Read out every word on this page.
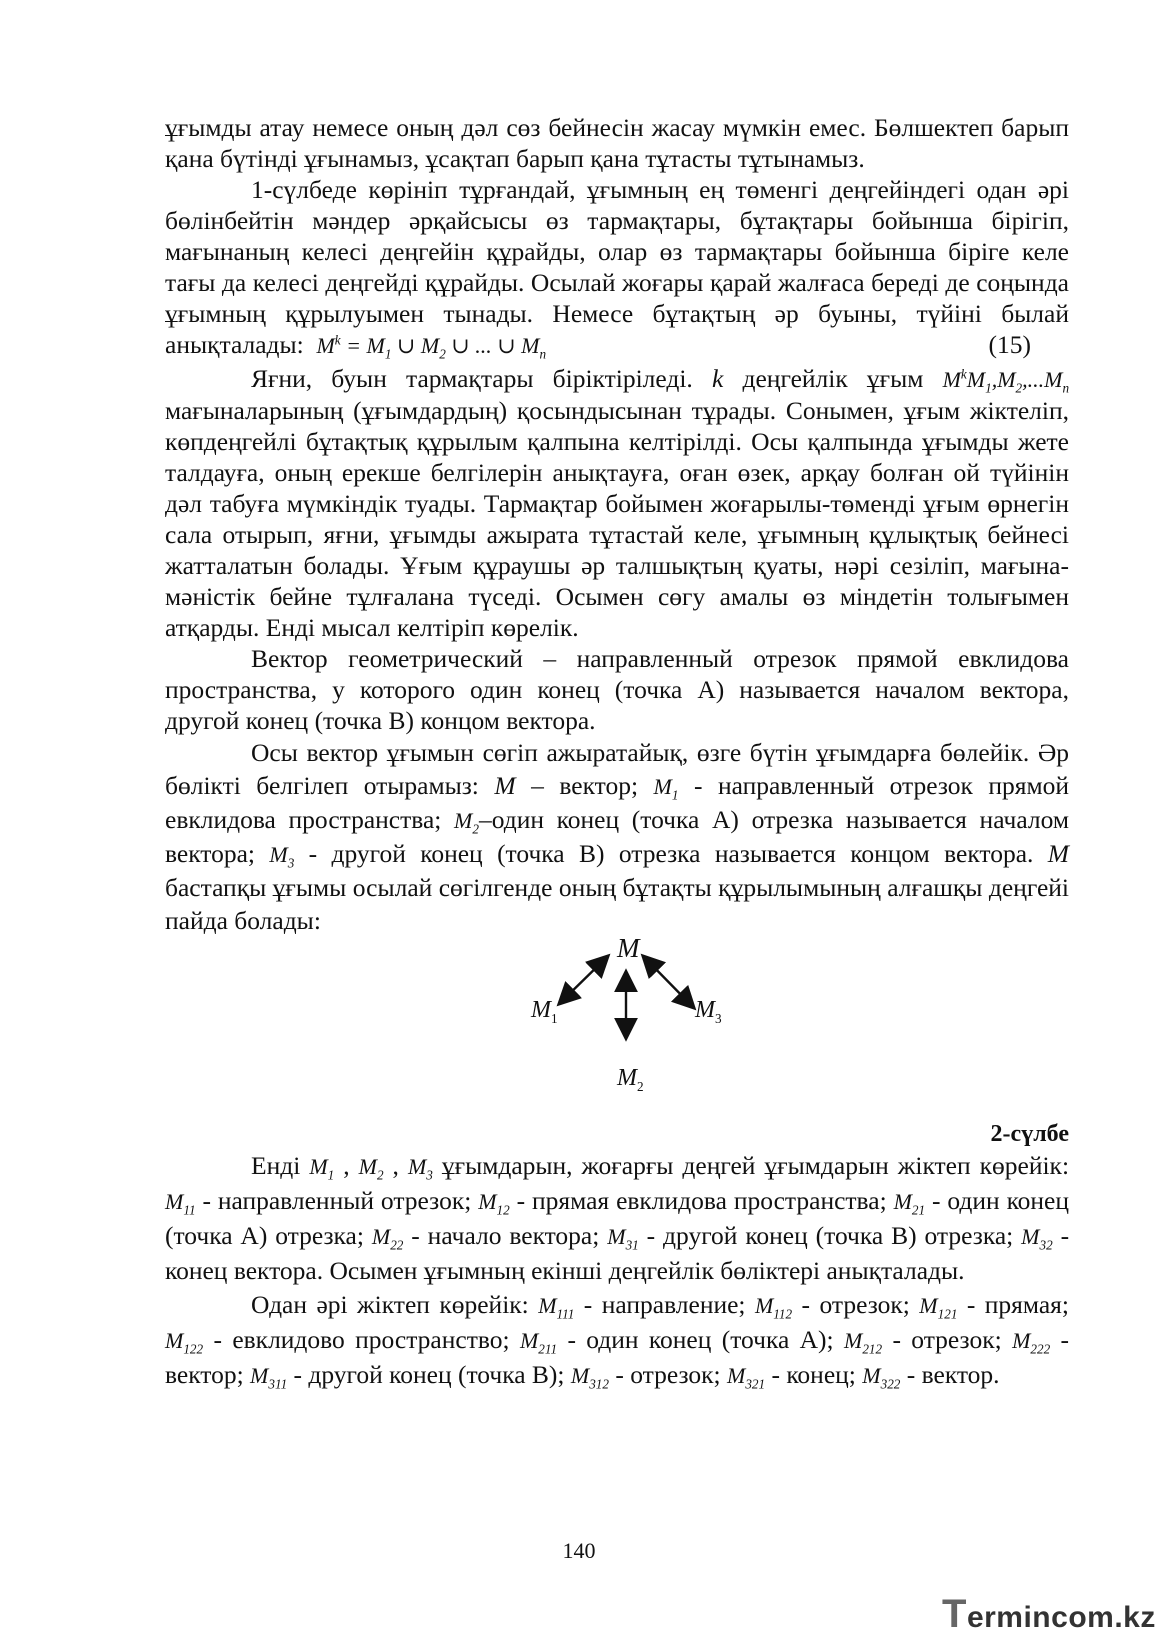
ұғымды атау немесе оның дәл сөз бейнесін жасау мүмкін емес. Бөлшектеп барып қана бүтінді ұғынамыз, ұсақтап барып қана тұтасты тұтынамыз.

1-сүлбеде көрініп тұрғандай, ұғымның ең төменгі деңгейіндегі одан әрі бөлінбейтін мәндер әрқайсысы өз тармақтары, бұтақтары бойынша бірігіп, мағынаның келесі деңгейін құрайды, олар өз тармақтары бойынша біріге келе тағы да келесі деңгейді құрайды. Осылай жоғары қарай жалғаса береді де соңында ұғымның құрылуымен тынады. Немесе бұтақтың әр буыны, түйіні былай анықталады: $M^k = M_1$ ∪ $M_2$ ∪ ... ∪ $M_n$	(15)

Яғни, буын тармақтары біріктіріледі. k деңгейлік ұғым $M^kM_1,M_2,...M_n$ мағыналарының (ұғымдардың) қосындысынан тұрады. Сонымен, ұғым жіктеліп, көпдеңгейлі бұтақтық құрылым қалпына келтірілді. Осы қалпында ұғымды жете талдауға, оның ерекше белгілерін анықтауға, оған өзек, арқау болған ой түйінін дәл табуға мүмкіндік туады. Тармақтар бойымен жоғарылы-төменді ұғым өрнегін сала отырып, яғни, ұғымды ажырата тұтастай келе, ұғымның құлықтық бейнесі жатталатын болады. Ұғым құраушы әр талшықтың қуаты, нәрі сезіліп, мағына-мәністік бейне тұлғалана түседі. Осымен сөгу амалы өз міндетін толығымен атқарды. Енді мысал келтіріп көрелік.

Вектор геометрический – направленный отрезок прямой евклидова пространства, у которого один конец (точка А) называется началом вектора, другой конец (точка В) концом вектора.

Осы вектор ұғымын сөгіп ажыратайық, өзге бүтін ұғымдарға бөлейік. Әр бөлікті белгілеп отырамыз: M – вектор; $M_1$ - направленный отрезок прямой евклидова пространства; $M_2$–один конец (точка А) отрезка называется началом вектора; $M_3$ - другой конец (точка В) отрезка называется концом вектора. M бастапқы ұғымы осылай сөгілгенде оның бұтақты құрылымының алғашқы деңгейі пайда болады:

M
$M_1$
$M_2$
$M_3$
2-сүлбе

Енді $M_1$ , $M_2$ , $M_3$ ұғымдарын, жоғарғы деңгей ұғымдарын жіктеп көрейік: $M_{11}$ - направленный отрезок; $M_{12}$ - прямая евклидова пространства; $M_{21}$ - один конец (точка А) отрезка; $M_{22}$ - начало вектора; $M_{31}$ - другой конец (точка В) отрезка; $M_{32}$ - конец вектора. Осымен ұғымның екінші деңгейлік бөліктері анықталады.

Одан әрі жіктеп көрейік: $M_{111}$ - направление; $M_{112}$ - отрезок; $M_{121}$ - прямая; $M_{122}$ - евклидово пространство; $M_{211}$ - один конец (точка А); $M_{212}$ - отрезок; $M_{222}$ - вектор; $M_{311}$ - другой конец (точка В); $M_{312}$ - отрезок; $M_{321}$ - конец; $M_{322}$ - вектор.

140
Termincom.kz
